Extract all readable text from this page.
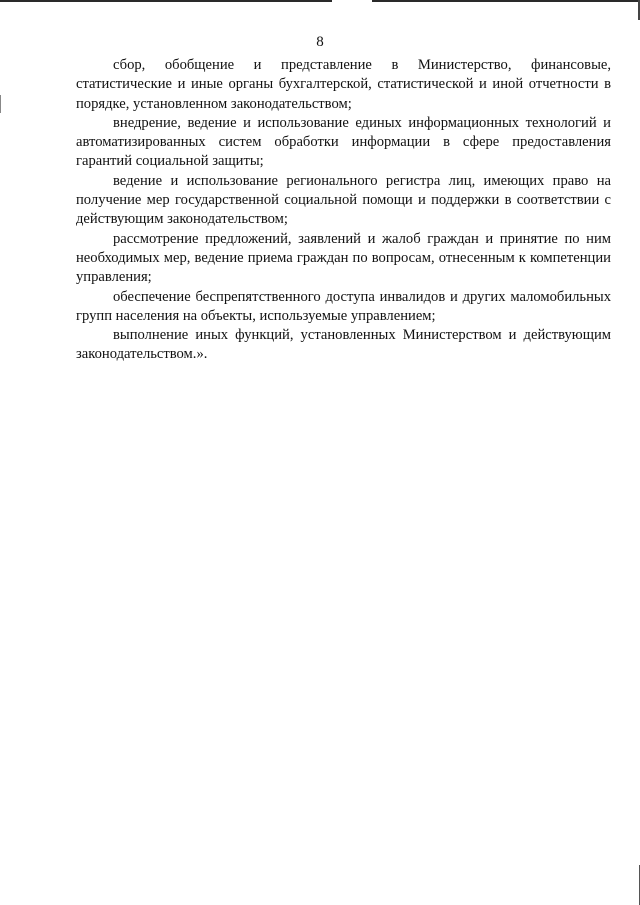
8

сбор, обобщение и представление в Министерство, финансовые, статистические и иные органы бухгалтерской, статистической и иной отчетности в порядке, установленном законодательством;

внедрение, ведение и использование единых информационных технологий и автоматизированных систем обработки информации в сфере предоставления гарантий социальной защиты;

ведение и использование регионального регистра лиц, имеющих право на получение мер государственной социальной помощи и поддержки в соответствии с действующим законодательством;

рассмотрение предложений, заявлений и жалоб граждан и принятие по ним необходимых мер, ведение приема граждан по вопросам, отнесенным к компетенции управления;

обеспечение беспрепятственного доступа инвалидов и других маломобильных групп населения на объекты, используемые управлением;

выполнение иных функций, установленных Министерством и действующим законодательством.».
